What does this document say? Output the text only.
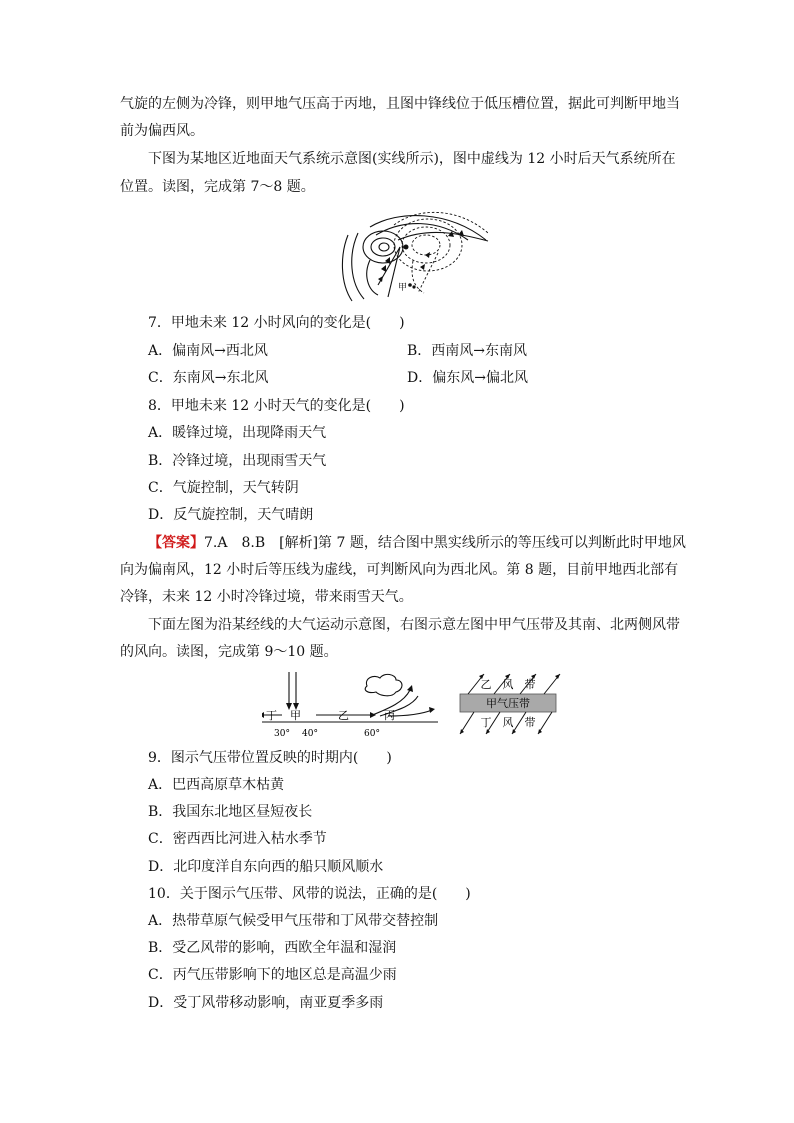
气旋的左侧为冷锋，则甲地气压高于丙地，且图中锋线位于低压槽位置，据此可判断甲地当
前为偏西风。
下图为某地区近地面天气系统示意图(实线所示)，图中虚线为 12 小时后天气系统所在
位置。读图，完成第 7～8 题。
甲
7．甲地未来 12 小时风向的变化是(　　)
A．偏南风→西北风	B．西南风→东南风
C．东南风→东北风	D．偏东风→偏北风
8．甲地未来 12 小时天气的变化是(　　)
A．暖锋过境，出现降雨天气
B．冷锋过境，出现雨雪天气
C．气旋控制，天气转阴
D．反气旋控制，天气晴朗
【答案】7.A　8.B　[解析]第 7 题，结合图中黑实线所示的等压线可以判断此时甲地风
向为偏南风，12 小时后等压线为虚线，可判断风向为西北风。第 8 题，目前甲地西北部有
冷锋，未来 12 小时冷锋过境，带来雨雪天气。
下面左图为沿某经线的大气运动示意图，右图示意左图中甲气压带及其南、北两侧风带
的风向。读图，完成第 9～10 题。
丁 甲	乙	丙
30° 40°	60°
乙　风　带
甲气压带
丁　风　带
9．图示气压带位置反映的时期内(　　)
A．巴西高原草木枯黄
B．我国东北地区昼短夜长
C．密西西比河进入枯水季节
D．北印度洋自东向西的船只顺风顺水
10．关于图示气压带、风带的说法，正确的是(　　)
A．热带草原气候受甲气压带和丁风带交替控制
B．受乙风带的影响，西欧全年温和湿润
C．丙气压带影响下的地区总是高温少雨
D．受丁风带移动影响，南亚夏季多雨
